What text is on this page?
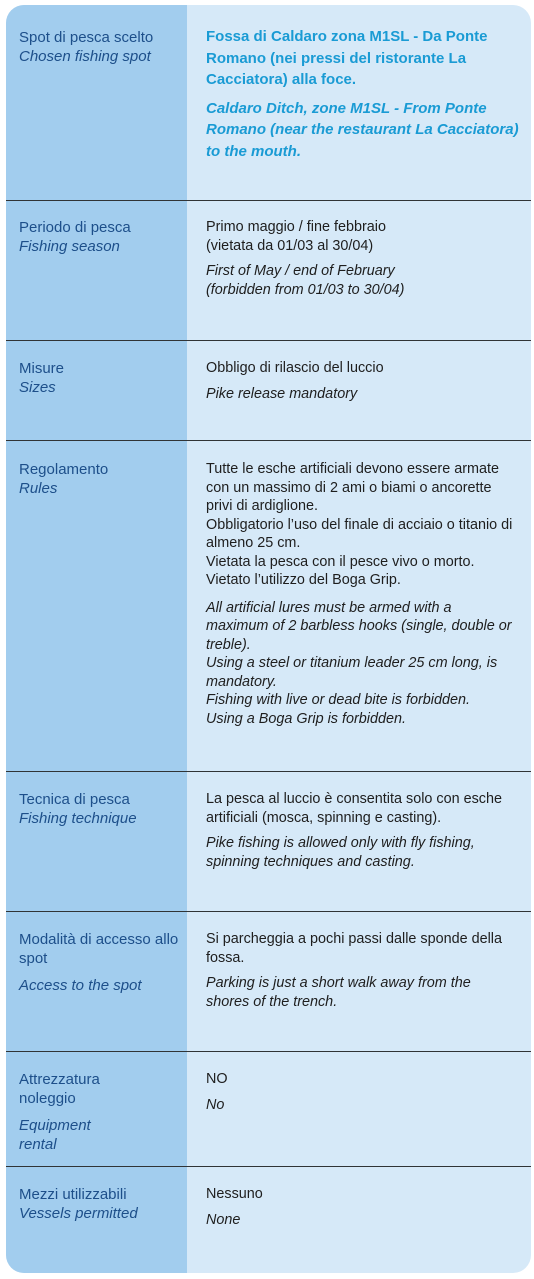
Spot di pesca scelto
Chosen fishing spot
Fossa di Caldaro zona M1SL - Da Ponte Romano (nei pressi del ristorante La Cacciatora) alla foce.
Caldaro Ditch, zone M1SL - From Ponte Romano (near the restaurant La Cacciatora) to the mouth.
Periodo di pesca
Fishing season
Primo maggio / fine febbraio (vietata da 01/03 al 30/04)
First of May / end of February (forbidden from 01/03 to 30/04)
Misure
Sizes
Obbligo di rilascio del luccio
Pike release mandatory
Regolamento
Rules
Tutte le esche artificiali devono essere armate con un massimo di 2 ami o biami o ancorette privi di ardiglione.
Obbligatorio l’uso del finale di acciaio o titanio di almeno 25 cm.
Vietata la pesca con il pesce vivo o morto.
Vietato l’utilizzo del Boga Grip.
All artificial lures must be armed with a maximum of 2 barbless hooks (single, double or treble).
Using a steel or titanium leader 25 cm long, is mandatory.
Fishing with live or dead bite is forbidden.
Using a Boga Grip is forbidden.
Tecnica di pesca
Fishing technique
La pesca al luccio è consentita solo con esche artificiali (mosca, spinning e casting).
Pike fishing is allowed only with fly fishing, spinning techniques and casting.
Modalità di accesso allo spot
Access to the spot
Si parcheggia a pochi passi dalle sponde della fossa.
Parking is just a short walk away from the shores of the trench.
Attrezzatura noleggio
Equipment rental
NO
No
Mezzi utilizzabili
Vessels permitted
Nessuno
None
